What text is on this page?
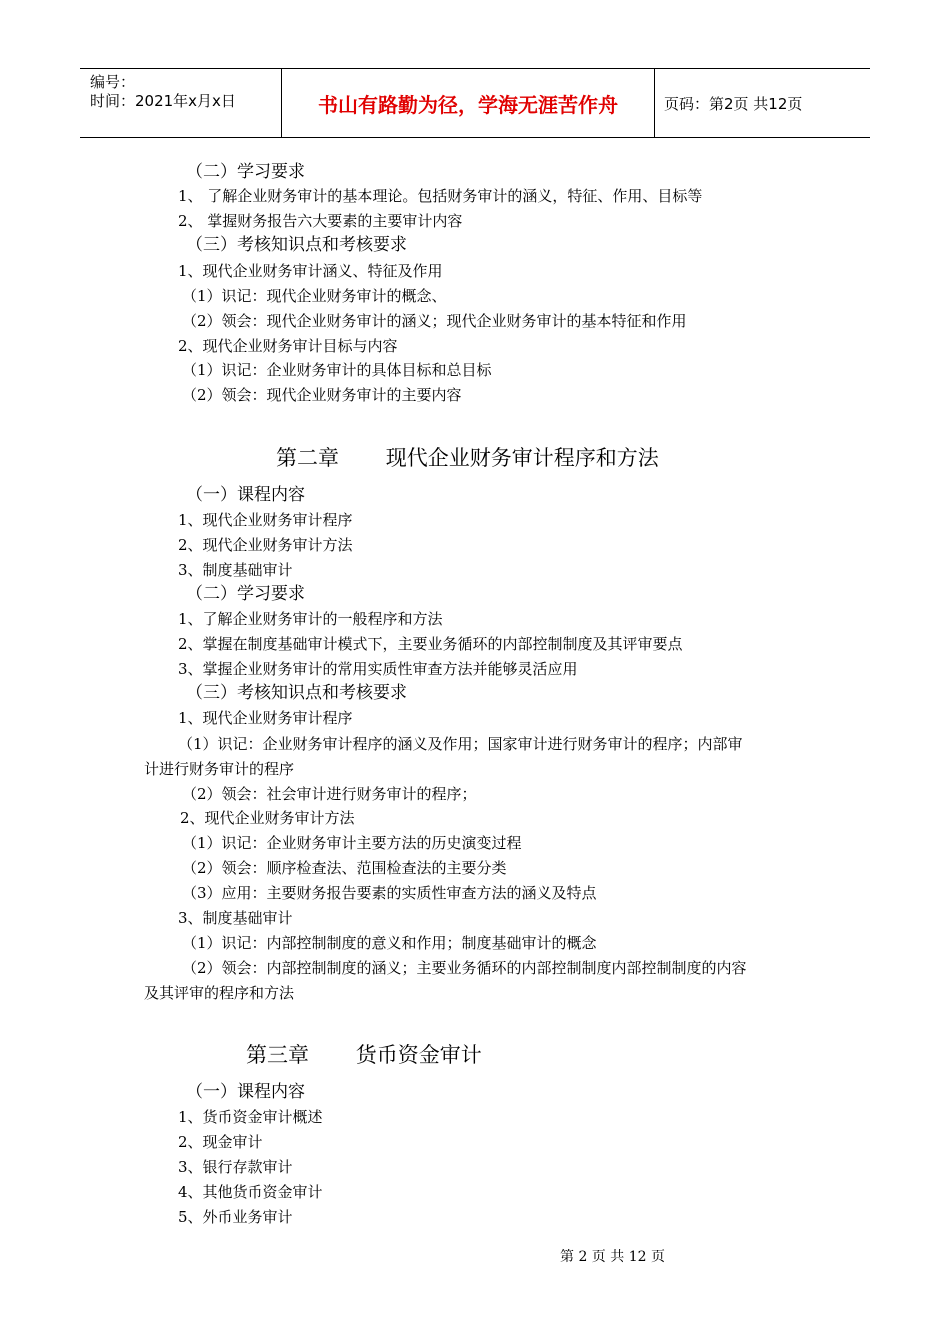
编号：
时间：2021年x月x日	书山有路勤为径，学海无涯苦作舟	页码：第2页 共12页
（二）学习要求
1、 了解企业财务审计的基本理论。包括财务审计的涵义，特征、作用、目标等
2、 掌握财务报告六大要素的主要审计内容
（三）考核知识点和考核要求
1、现代企业财务审计涵义、特征及作用
（1）识记：现代企业财务审计的概念、
（2）领会：现代企业财务审计的涵义；现代企业财务审计的基本特征和作用
2、现代企业财务审计目标与内容
（1）识记：企业财务审计的具体目标和总目标
（2）领会：现代企业财务审计的主要内容
第二章       现代企业财务审计程序和方法
（一）课程内容
1、现代企业财务审计程序
2、现代企业财务审计方法
3、制度基础审计
（二）学习要求
1、了解企业财务审计的一般程序和方法
2、掌握在制度基础审计模式下，主要业务循环的内部控制制度及其评审要点
3、掌握企业财务审计的常用实质性审查方法并能够灵活应用
（三）考核知识点和考核要求
1、现代企业财务审计程序
（1）识记：企业财务审计程序的涵义及作用；国家审计进行财务审计的程序；内部审
计进行财务审计的程序
（2）领会：社会审计进行财务审计的程序；
2、现代企业财务审计方法
（1）识记：企业财务审计主要方法的历史演变过程
（2）领会：顺序检查法、范围检查法的主要分类
（3）应用：主要财务报告要素的实质性审查方法的涵义及特点
3、制度基础审计
（1）识记：内部控制制度的意义和作用；制度基础审计的概念
（2）领会：内部控制制度的涵义；主要业务循环的内部控制制度内部控制制度的内容
及其评审的程序和方法
第三章       货币资金审计
（一）课程内容
1、货币资金审计概述
2、现金审计
3、银行存款审计
4、其他货币资金审计
5、外币业务审计
第 2 页 共 12 页
